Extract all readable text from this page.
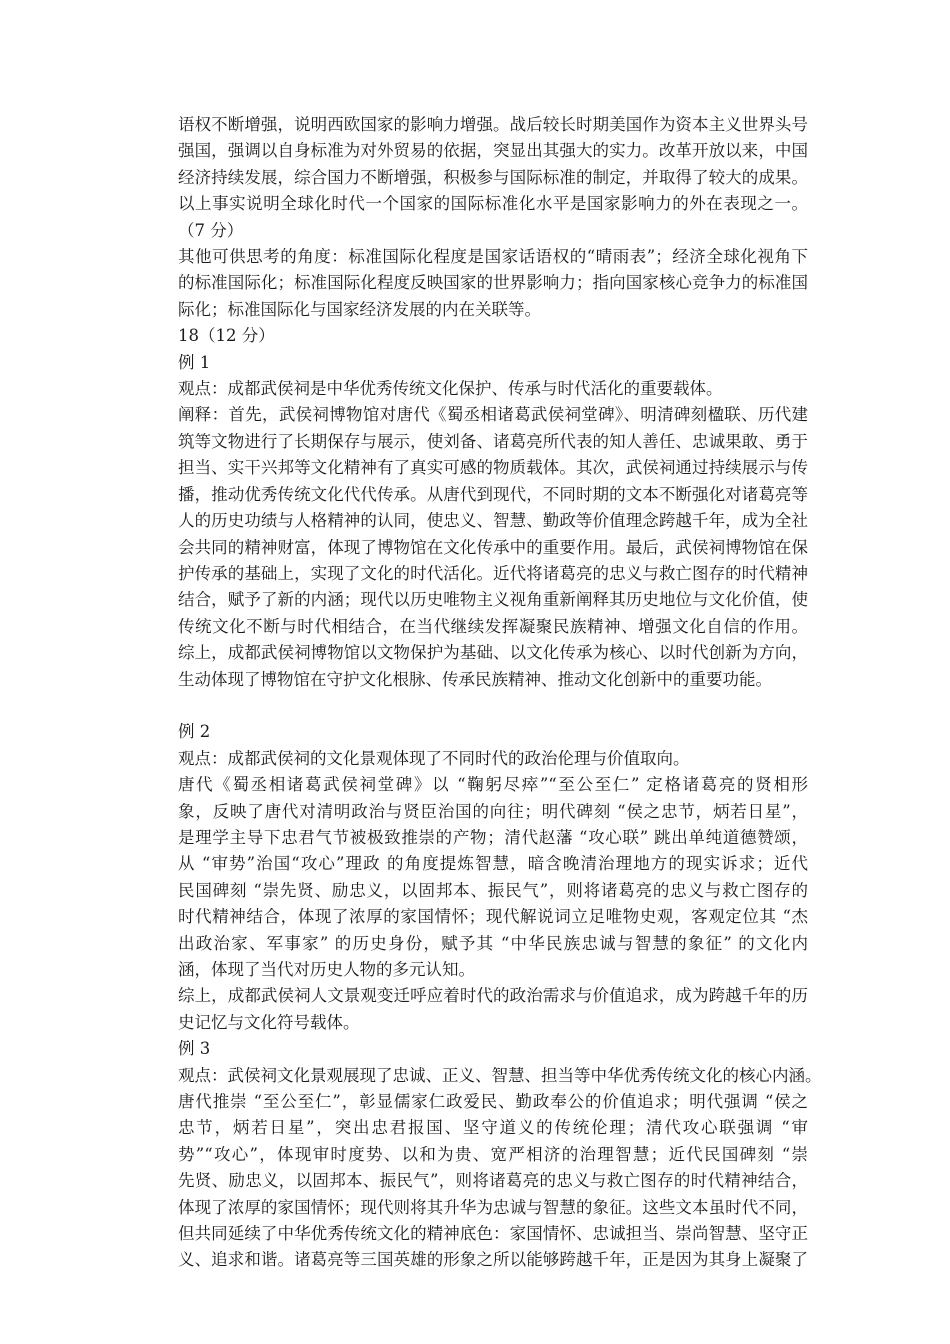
语权不断增强，说明西欧国家的影响力增强。战后较长时期美国作为资本主义世界头号
强国，强调以自身标准为对外贸易的依据，突显出其强大的实力。改革开放以来，中国
经济持续发展，综合国力不断增强，积极参与国际标准的制定，并取得了较大的成果。
以上事实说明全球化时代一个国家的国际标准化水平是国家影响力的外在表现之一。
（7 分）
其他可供思考的角度：标准国际化程度是国家话语权的“晴雨表”；经济全球化视角下
的标准国际化；标准国际化程度反映国家的世界影响力；指向国家核心竞争力的标准国
际化；标准国际化与国家经济发展的内在关联等。
18（12 分）
例 1
观点：成都武侯祠是中华优秀传统文化保护、传承与时代活化的重要载体。
阐释：首先，武侯祠博物馆对唐代《蜀丞相诸葛武侯祠堂碑》、明清碑刻楹联、历代建
筑等文物进行了长期保存与展示，使刘备、诸葛亮所代表的知人善任、忠诚果敢、勇于
担当、实干兴邦等文化精神有了真实可感的物质载体。其次，武侯祠通过持续展示与传
播，推动优秀传统文化代代传承。从唐代到现代，不同时期的文本不断强化对诸葛亮等
人的历史功绩与人格精神的认同，使忠义、智慧、勤政等价值理念跨越千年，成为全社
会共同的精神财富，体现了博物馆在文化传承中的重要作用。最后，武侯祠博物馆在保
护传承的基础上，实现了文化的时代活化。近代将诸葛亮的忠义与救亡图存的时代精神
结合，赋予了新的内涵；现代以历史唯物主义视角重新阐释其历史地位与文化价值，使
传统文化不断与时代相结合，在当代继续发挥凝聚民族精神、增强文化自信的作用。
综上，成都武侯祠博物馆以文物保护为基础、以文化传承为核心、以时代创新为方向，
生动体现了博物馆在守护文化根脉、传承民族精神、推动文化创新中的重要功能。
例 2
观点：成都武侯祠的文化景观体现了不同时代的政治伦理与价值取向。
唐代《蜀丞相诸葛武侯祠堂碑》以 “鞠躬尽瘁”“至公至仁” 定格诸葛亮的贤相形
象，反映了唐代对清明政治与贤臣治国的向往；明代碑刻 “侯之忠节，炳若日星”，
是理学主导下忠君气节被极致推崇的产物；清代赵藩 “攻心联” 跳出单纯道德赞颂，
从 “审势”治国“攻心”理政 的角度提炼智慧，暗含晚清治理地方的现实诉求；近代
民国碑刻 “崇先贤、励忠义，以固邦本、振民气”，则将诸葛亮的忠义与救亡图存的
时代精神结合，体现了浓厚的家国情怀；现代解说词立足唯物史观，客观定位其 “杰
出政治家、军事家” 的历史身份，赋予其 “中华民族忠诚与智慧的象征” 的文化内
涵，体现了当代对历史人物的多元认知。
综上，成都武侯祠人文景观变迁呼应着时代的政治需求与价值追求，成为跨越千年的历
史记忆与文化符号载体。
例 3
观点：武侯祠文化景观展现了忠诚、正义、智慧、担当等中华优秀传统文化的核心内涵。
唐代推崇 “至公至仁”，彰显儒家仁政爱民、勤政奉公的价值追求；明代强调 “侯之
忠节，炳若日星”，突出忠君报国、坚守道义的传统伦理；清代攻心联强调 “审
势”“攻心”，体现审时度势、以和为贵、宽严相济的治理智慧；近代民国碑刻 “崇
先贤、励忠义，以固邦本、振民气”，则将诸葛亮的忠义与救亡图存的时代精神结合，
体现了浓厚的家国情怀；现代则将其升华为忠诚与智慧的象征。这些文本虽时代不同，
但共同延续了中华优秀传统文化的精神底色：家国情怀、忠诚担当、崇尚智慧、坚守正
义、追求和谐。诸葛亮等三国英雄的形象之所以能够跨越千年，正是因为其身上凝聚了
